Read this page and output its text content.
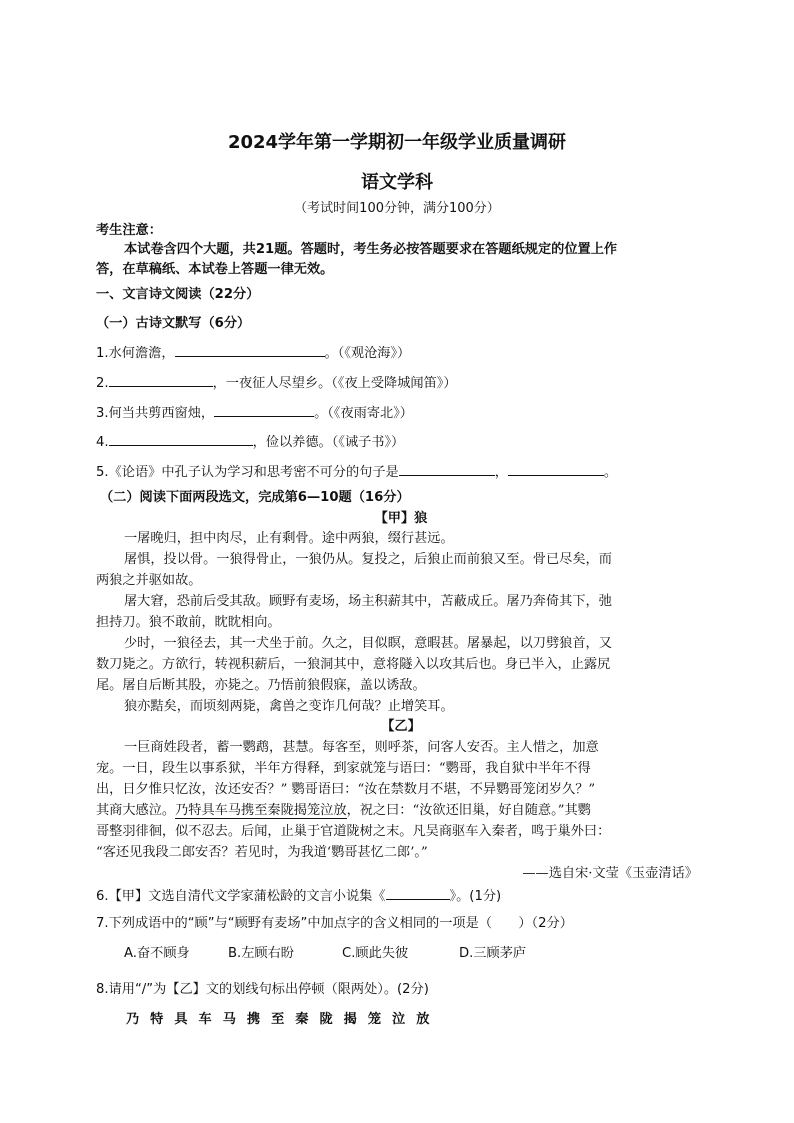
2024学年第一学期初一年级学业质量调研
语文学科
（考试时间100分钟，满分100分）
考生注意：
本试卷含四个大题，共21题。答题时，考生务必按答题要求在答题纸规定的位置上作
答，在草稿纸、本试卷上答题一律无效。
一、文言诗文阅读（22分）
（一）古诗文默写（6分）
1.水何澹澹，	。（《观沧海》）
2.	，一夜征人尽望乡。（《夜上受降城闻笛》）
3.何当共剪西窗烛，	。（《夜雨寄北》）
4.	，俭以养德。（《诫子书》）
5.《论语》中孔子认为学习和思考密不可分的句子是	，	。
（二）阅读下面两段选文，完成第6—10题（16分）
【甲】狼
一屠晚归，担中肉尽，止有剩骨。途中两狼，缀行甚远。
屠惧，投以骨。一狼得骨止，一狼仍从。复投之，后狼止而前狼又至。骨已尽矣，而
两狼之并驱如故。
屠大窘，恐前后受其敌。顾野有麦场，场主积薪其中，苫蔽成丘。屠乃奔倚其下，弛
担持刀。狼不敢前，眈眈相向。
少时，一狼径去，其一犬坐于前。久之，目似瞑，意暇甚。屠暴起，以刀劈狼首，又
数刀毙之。方欲行，转视积薪后，一狼洞其中，意将隧入以攻其后也。身已半入，止露尻
尾。屠自后断其股，亦毙之。乃悟前狼假寐，盖以诱敌。
狼亦黠矣，而顷刻两毙，禽兽之变诈几何哉？止增笑耳。
【乙】
一巨商姓段者，蓄一鹦鹉，甚慧。每客至，则呼茶，问客人安否。主人惜之，加意
宠。一日，段生以事系狱，半年方得释，到家就笼与语曰：“鹦哥，我自狱中半年不得
出，日夕惟只忆汝，汝还安否？” 鹦哥语曰：“汝在禁数月不堪，不异鹦哥笼闭岁久？”
其商大感泣。乃特具车马携至秦陇揭笼泣放，祝之曰：“汝欲还旧巢，好自随意。”其鹦
哥整羽徘徊，似不忍去。后闻，止巢于官道陇树之末。凡吴商驱车入秦者，鸣于巢外曰：
“客还见我段二郎安否？若见时，为我道‘鹦哥甚忆二郎’。”
——选自宋·文莹《玉壶清话》
6.【甲】文选自清代文学家蒲松龄的文言小说集《	》。(1分)
7.下列成语中的“顾”与“顾野有麦场”中加点字的含义相同的一项是（　　）（2分）
A.奋不顾身	B.左顾右盼	C.顾此失彼	D.三顾茅庐
8.请用“/”为【乙】文的划线句标出停顿（限两处）。(2分)
乃特具车马携至秦陇揭笼泣放
